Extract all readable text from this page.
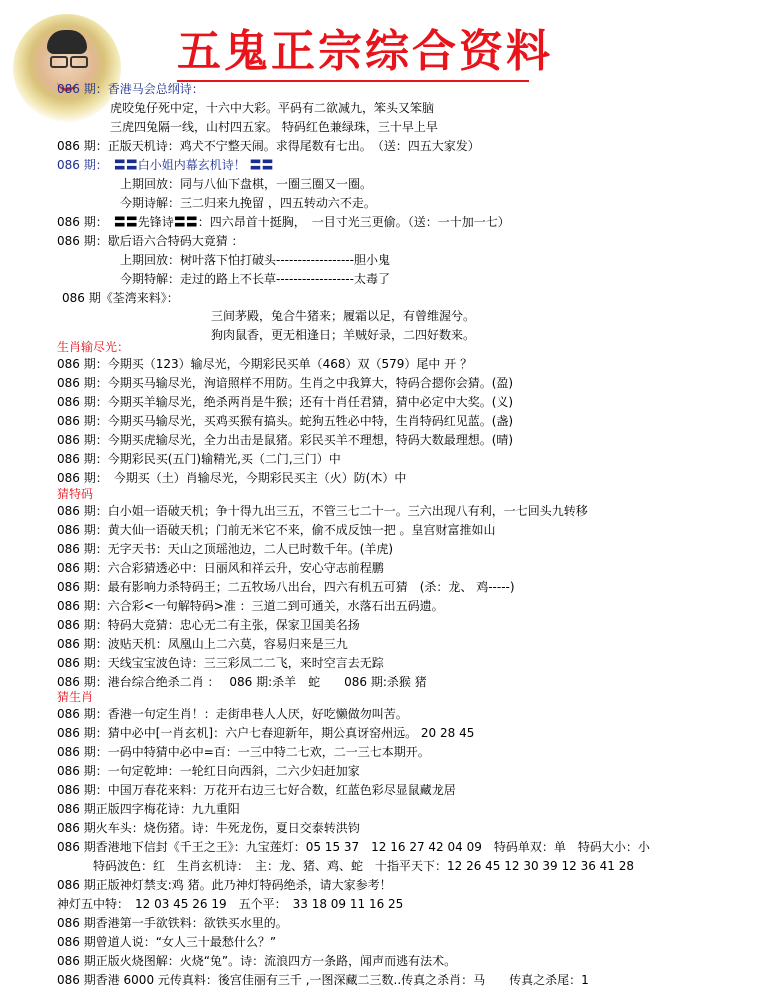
五鬼正宗综合资料
086 期：香港马会总纲诗：
虎咬兔仔死中定，十六中大彩。平码有二欲减九，笨头又笨脑
三虎四兔隔一线，山村四五家。 特码红色兼绿珠，三十早上早
086 期：正版天机诗：鸡犬不宁整天闹。求得尾数有七出。　（送：四五大家发）
086 期：　〓〓白小姐内幕玄机诗！ 〓〓
上期回放：同与八仙下盘棋，一圈三圈又一圈。
今期诗解：三二归来九挽留 ，四五转动六不走。
086 期：　〓〓先锋诗〓〓：四六昂首十挺胸，　一目寸光三更偷。（送：一十加一七）
086 期：歇后语六合特码大竟猜 ：
上期回放：树叶落下怕打破头------------------胆小鬼
今期特解：走过的路上不长草------------------太毒了
086 期《荃湾来料》：
三间茅殿，兔合牛猪来；履霜以足，有曾维渥兮。
狗肉鼠香，更无相逢日；羊贼好录，二四好数来。
生肖输尽光：
086 期：今期买（123）输尽光，今期彩民买单（468）双（579）尾中 开 ？
086 期：今期买马输尽光，洵谙照样不用防。生肖之中我算大，特码合摁你会猜。(盈)
086 期：今期买羊输尽光，绝杀两肖是牛猴；还有十肖任君猜，猜中必定中大奖。(义)
086 期：今期买马输尽光，买鸡买猴有搞头。蛇狗五牲必中特，生肖特码红见蓝。(盏)
086 期：今期买虎输尽光，全力出击是鼠猪。彩民买羊不理想，特码大数最理想。(晴)
086 期：今期彩民买(五门)输精光,买（二门,三门）中
086 期：　今期买（土）肖输尽光，今期彩民买主（火）防(木）中
猜特码
086 期：白小姐一语破天机；争十得九出三五，不管三七二十一。三六出现八有利，一七回头九转移
086 期：黄大仙一语破天机；门前无米它不来，偷不成反蚀一把 。皇宫财富推如山
086 期：无字天书：天山之顶瑶池边，二人已时数千年。(羊虎)
086 期：六合彩猜透必中：日丽风和祥云升，安心守志前程鹏
086 期：最有影响力杀特码王；二五牧场八出台，四六有机五可猜　(杀：龙、 鸡-----)
086 期：六合彩<一句解特码>准 ：三道二到可通关，水落石出五码遗。
086 期：特码大竞猜：忠心无二有主张，保家卫国美名扬
086 期：波贴天机：凤凰山上二六莫，容易归来是三九
086 期：天线宝宝波色诗：三三彩凤二二飞，来时空言去无踪
086 期：港台综合绝杀二肖 ：　 086 期:杀羊　蛇　　086 期:杀猴 猪
猜生肖
086 期：香港一句定生肖！：走街串巷人人厌，好吃懒做勿叫苦。
086 期：猜中必中[一肖玄机]：六户七春迎新年，期公真讶窑州远。 20 28 45
086 期：一码中特猜中必中=百：一三中特二七欢，二一三七本期开。
086 期：一句定乾坤：一轮红日向西斜，二六少妇赶加家
086 期：中国万春花来料：万花开右边三七好合数，红蓝色彩尽显鼠藏龙居
086 期正版四字梅花诗：九九重阳
086 期火车头：烧伤猪。诗：牛死龙伤，夏日交泰转洪钧
086 期香港地下信封《千王之王》：九宝莲灯：05 15 37　12 16 27 42 04 09　特码单双：单　特码大小：小
特码波色：红　生肖玄机诗：　主：龙、猪、鸡、蛇　十指平天下：12 26 45 12 30 39 12 36 41 28
086 期正版神灯禁支:鸡 猪。此乃神灯特码绝杀，请大家参考！
神灯五中特：　12 03 45 26 19　五个平：　33 18 09 11 16 25
086 期香港第一手欲铁料：欲铁买水里的。
086 期曾道人说：“女人三十最愁什么？”
086 期正版火烧图解：火烧“兔”。诗：流浪四方一条路，闻声而逃有法术。
086 期香港 6000 元传真料：後宫佳丽有三千 ,一图深藏二三数..传真之杀肖：马　　传真之杀尾：1
